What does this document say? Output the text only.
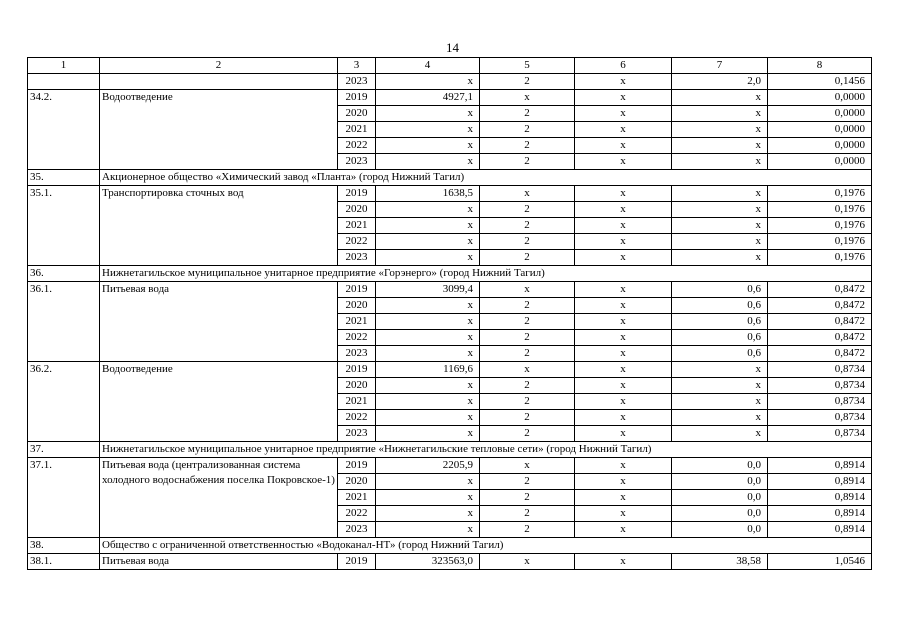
14
1	2	3	4	5	6	7	8
		2023	x	2	x	2,0	0,1456
34.2.	Водоотведение	2019	4927,1	x	x	x	0,0000
		2020	x	2	x	x	0,0000
		2021	x	2	x	x	0,0000
		2022	x	2	x	x	0,0000
		2023	x	2	x	x	0,0000
35.	Акционерное общество «Химический завод «Планта» (город Нижний Тагил)						
35.1.	Транспортировка сточных вод	2019	1638,5	x	x	x	0,1976
		2020	x	2	x	x	0,1976
		2021	x	2	x	x	0,1976
		2022	x	2	x	x	0,1976
		2023	x	2	x	x	0,1976
36.	Нижнетагильское муниципальное унитарное предприятие «Горэнерго» (город Нижний Тагил)						
36.1.	Питьевая вода	2019	3099,4	x	x	0,6	0,8472
		2020	x	2	x	0,6	0,8472
		2021	x	2	x	0,6	0,8472
		2022	x	2	x	0,6	0,8472
		2023	x	2	x	0,6	0,8472
36.2.	Водоотведение	2019	1169,6	x	x	x	0,8734
		2020	x	2	x	x	0,8734
		2021	x	2	x	x	0,8734
		2022	x	2	x	x	0,8734
		2023	x	2	x	x	0,8734
37.	Нижнетагильское муниципальное унитарное предприятие «Нижнетагильские тепловые сети» (город Нижний Тагил)						
37.1.	Питьевая вода (централизованная система холодного водоснабжения поселка Покровское-1)	2019	2205,9	x	x	0,0	0,8914
		2020	x	2	x	0,0	0,8914
		2021	x	2	x	0,0	0,8914
		2022	x	2	x	0,0	0,8914
		2023	x	2	x	0,0	0,8914
38.	Общество с ограниченной ответственностью «Водоканал-НТ» (город Нижний Тагил)						
38.1.	Питьевая вода	2019	323563,0	x	x	38,58	1,0546
